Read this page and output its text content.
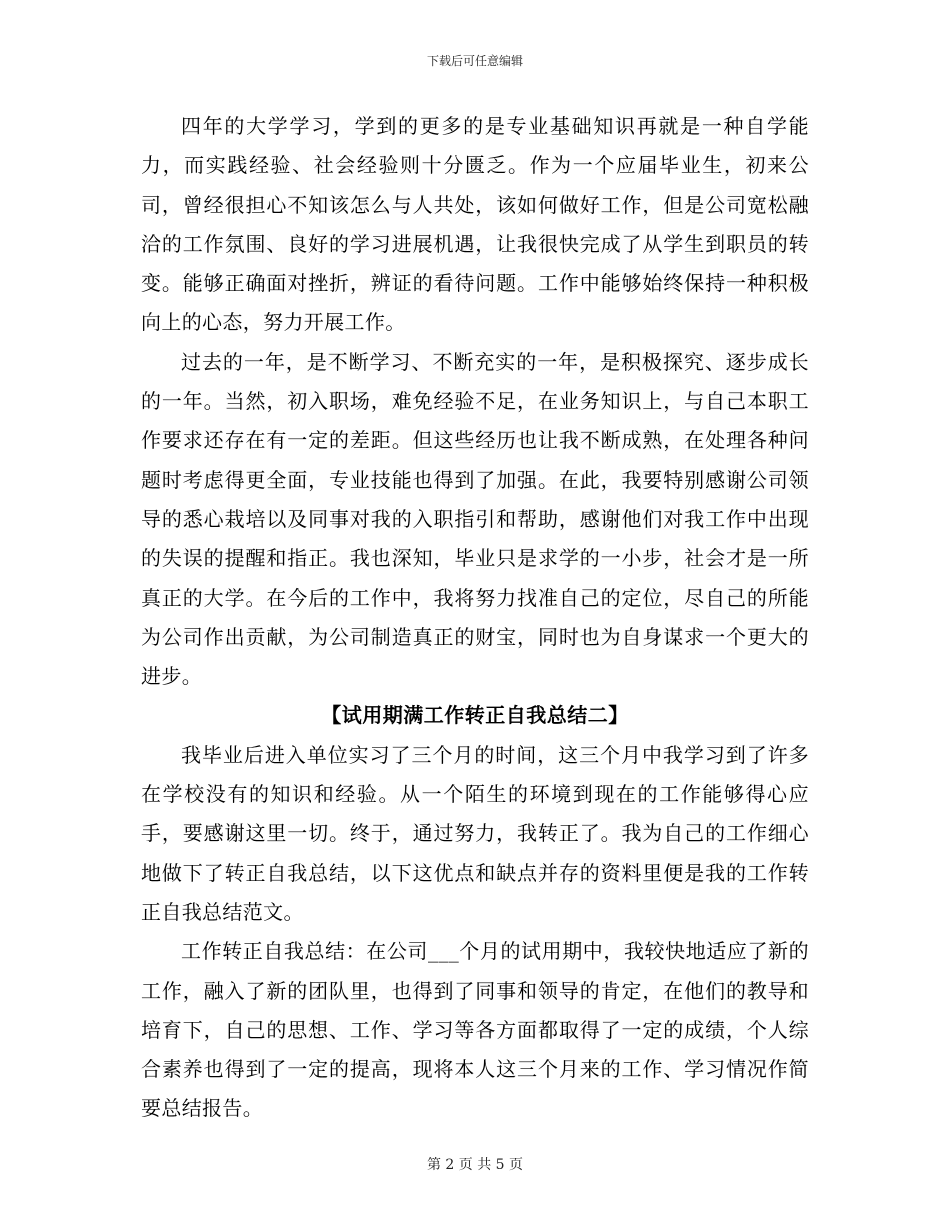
下载后可任意编辑

四年的大学学习，学到的更多的是专业基础知识再就是一种自学能力，而实践经验、社会经验则十分匮乏。作为一个应届毕业生，初来公司，曾经很担心不知该怎么与人共处，该如何做好工作，但是公司宽松融洽的工作氛围、良好的学习进展机遇，让我很快完成了从学生到职员的转变。能够正确面对挫折，辨证的看待问题。工作中能够始终保持一种积极向上的心态，努力开展工作。

过去的一年，是不断学习、不断充实的一年，是积极探究、逐步成长的一年。当然，初入职场，难免经验不足，在业务知识上，与自己本职工作要求还存在有一定的差距。但这些经历也让我不断成熟，在处理各种问题时考虑得更全面，专业技能也得到了加强。在此，我要特别感谢公司领导的悉心栽培以及同事对我的入职指引和帮助，感谢他们对我工作中出现的失误的提醒和指正。我也深知，毕业只是求学的一小步，社会才是一所真正的大学。在今后的工作中，我将努力找准自己的定位，尽自己的所能为公司作出贡献，为公司制造真正的财宝，同时也为自身谋求一个更大的进步。

【试用期满工作转正自我总结二】

我毕业后进入单位实习了三个月的时间，这三个月中我学习到了许多在学校没有的知识和经验。从一个陌生的环境到现在的工作能够得心应手，要感谢这里一切。终于，通过努力，我转正了。我为自己的工作细心地做下了转正自我总结，以下这优点和缺点并存的资料里便是我的工作转正自我总结范文。

工作转正自我总结：在公司___个月的试用期中，我较快地适应了新的工作，融入了新的团队里，也得到了同事和领导的肯定，在他们的教导和培育下，自己的思想、工作、学习等各方面都取得了一定的成绩，个人综合素养也得到了一定的提高，现将本人这三个月来的工作、学习情况作简要总结报告。

第 2 页 共 5 页
